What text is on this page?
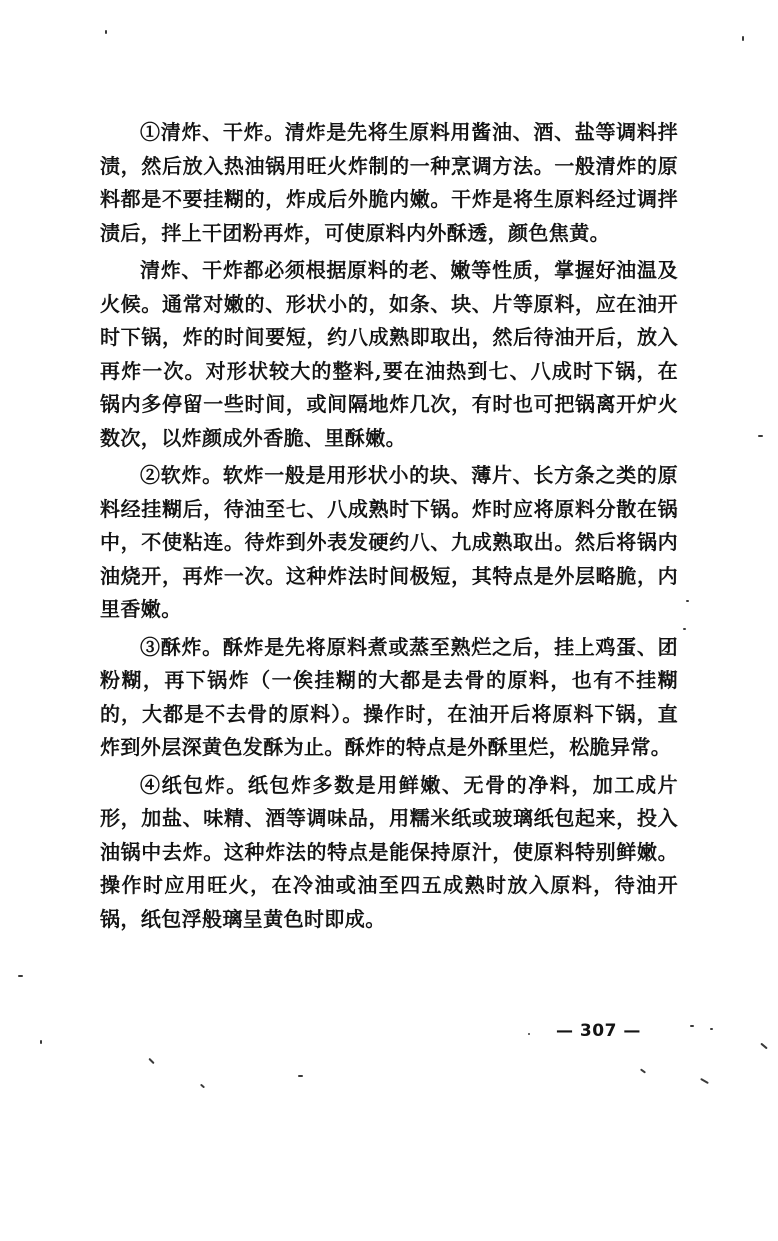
①清炸、干炸。清炸是先将生原料用酱油、酒、盐等调料拌渍，然后放入热油锅用旺火炸制的一种烹调方法。一般清炸的原料都是不要挂糊的，炸成后外脆内嫩。干炸是将生原料经过调拌渍后，拌上干团粉再炸，可使原料内外酥透，颜色焦黄。

清炸、干炸都必须根据原料的老、嫩等性质，掌握好油温及火候。通常对嫩的、形状小的，如条、块、片等原料，应在油开时下锅，炸的时间要短，约八成熟即取出，然后待油开后，放入再炸一次。对形状较大的整料,要在油热到七、八成时下锅，在锅内多停留一些时间，或间隔地炸几次，有时也可把锅离开炉火数次，以炸颜成外香脆、里酥嫩。

②软炸。软炸一般是用形状小的块、薄片、长方条之类的原料经挂糊后，待油至七、八成熟时下锅。炸时应将原料分散在锅中，不使粘连。待炸到外表发硬约八、九成熟取出。然后将锅内油烧开，再炸一次。这种炸法时间极短，其特点是外层略脆，内里香嫩。

③酥炸。酥炸是先将原料煮或蒸至熟烂之后，挂上鸡蛋、团粉糊，再下锅炸（一俟挂糊的大都是去骨的原料，也有不挂糊的，大都是不去骨的原料）。操作时，在油开后将原料下锅，直炸到外层深黄色发酥为止。酥炸的特点是外酥里烂，松脆异常。

④纸包炸。纸包炸多数是用鲜嫩、无骨的净料，加工成片形，加盐、味精、酒等调味品，用糯米纸或玻璃纸包起来，投入油锅中去炸。这种炸法的特点是能保持原汁，使原料特别鲜嫩。操作时应用旺火，在冷油或油至四五成熟时放入原料，待油开锅，纸包浮般璃呈黄色时即成。

— 307 —
